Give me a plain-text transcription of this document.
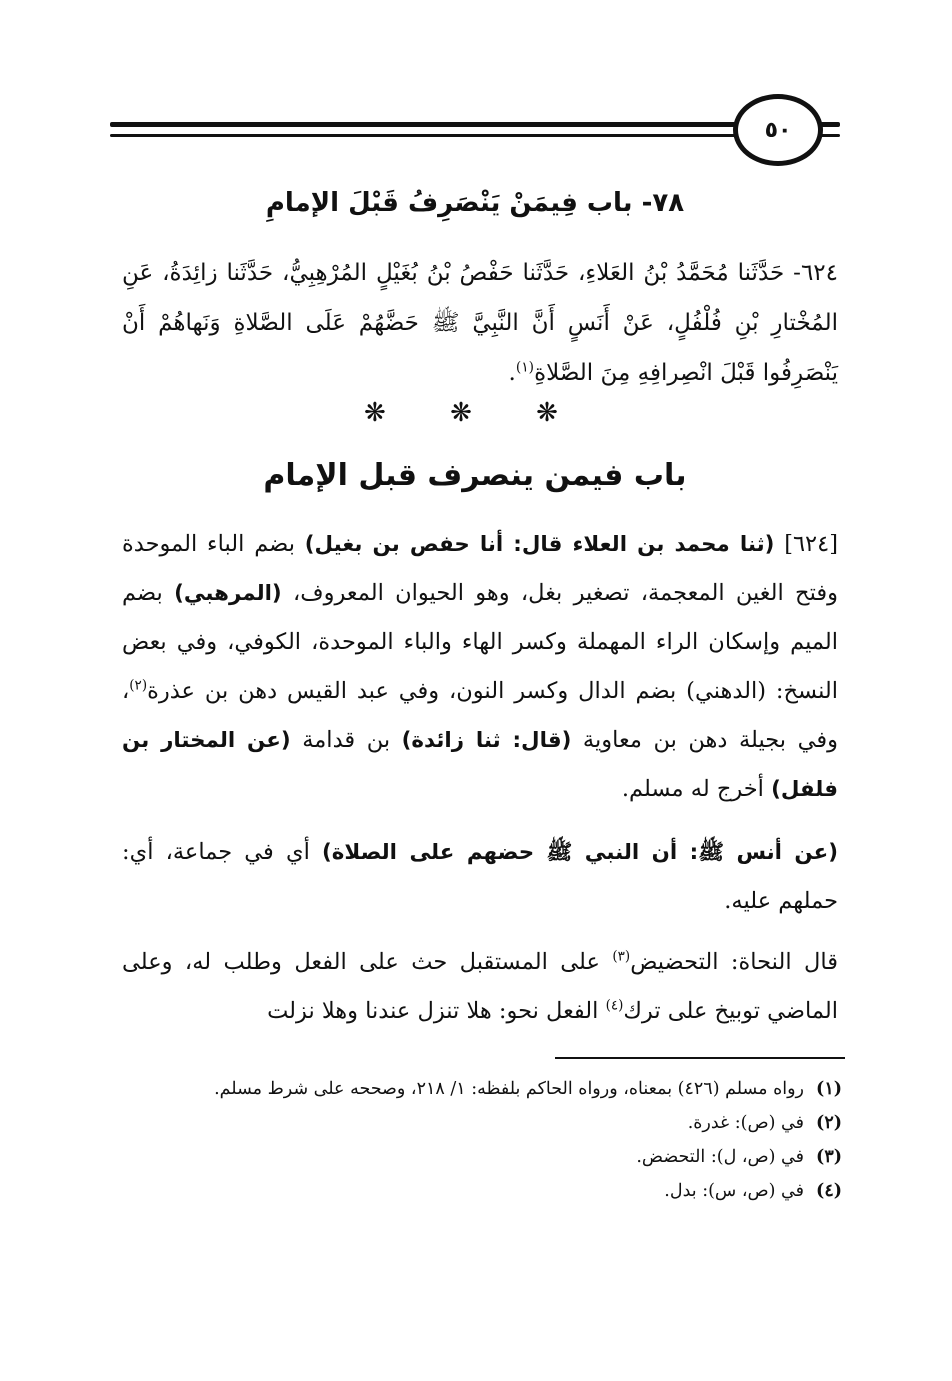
٥٠
٧٨- باب فِيمَنْ يَنْصَرِفُ قَبْلَ الإمامِ
٦٢٤- حَدَّثَنا مُحَمَّدُ بْنُ العَلاءِ، حَدَّثَنا حَفْصُ بْنُ بُغَيْلٍ المُرْهِبِيُّ، حَدَّثَنا زائِدَةُ، عَنِ المُخْتارِ بْنِ فُلْفُلٍ، عَنْ أَنَسٍ أَنَّ النَّبِيَّ ﷺ حَضَّهُمْ عَلَى الصَّلاةِ وَنَهاهُمْ أَنْ يَنْصَرِفُوا قَبْلَ انْصِرافِهِ مِنَ الصَّلاةِ$^{(١)}$.
❋ ❋ ❋
باب فيمن ينصرف قبل الإمام
[٦٢٤] (ثنا محمد بن العلاء قال: أنا حفص بن بغيل) بضم الباء الموحدة وفتح الغين المعجمة، تصغير بغل، وهو الحيوان المعروف، (المرهبي) بضم الميم وإسكان الراء المهملة وكسر الهاء والباء الموحدة، الكوفي، وفي بعض النسخ: (الدهني) بضم الدال وكسر النون، وفي عبد القيس دهن بن عذرة$^{(٢)}$، وفي بجيلة دهن بن معاوية (قال: ثنا زائدة) بن قدامة (عن المختار بن فلفل) أخرج له مسلم.
(عن أنس ﷺ: أن النبي ﷺ حضهم على الصلاة) أي في جماعة، أي: حملهم عليه.
قال النحاة: التحضيض$^{(٣)}$ على المستقبل حث على الفعل وطلب له، وعلى الماضي توبيخ على ترك$^{(٤)}$ الفعل نحو: هلا تنزل عندنا وهلا نزلت
(١)
رواه مسلم (٤٢٦) بمعناه، ورواه الحاكم بلفظه: ١/ ٢١٨، وصححه على شرط مسلم.
(٢)
في (ص): غدرة.
(٣)
في (ص، ل): التحضض.
(٤)
في (ص، س): بدل.
